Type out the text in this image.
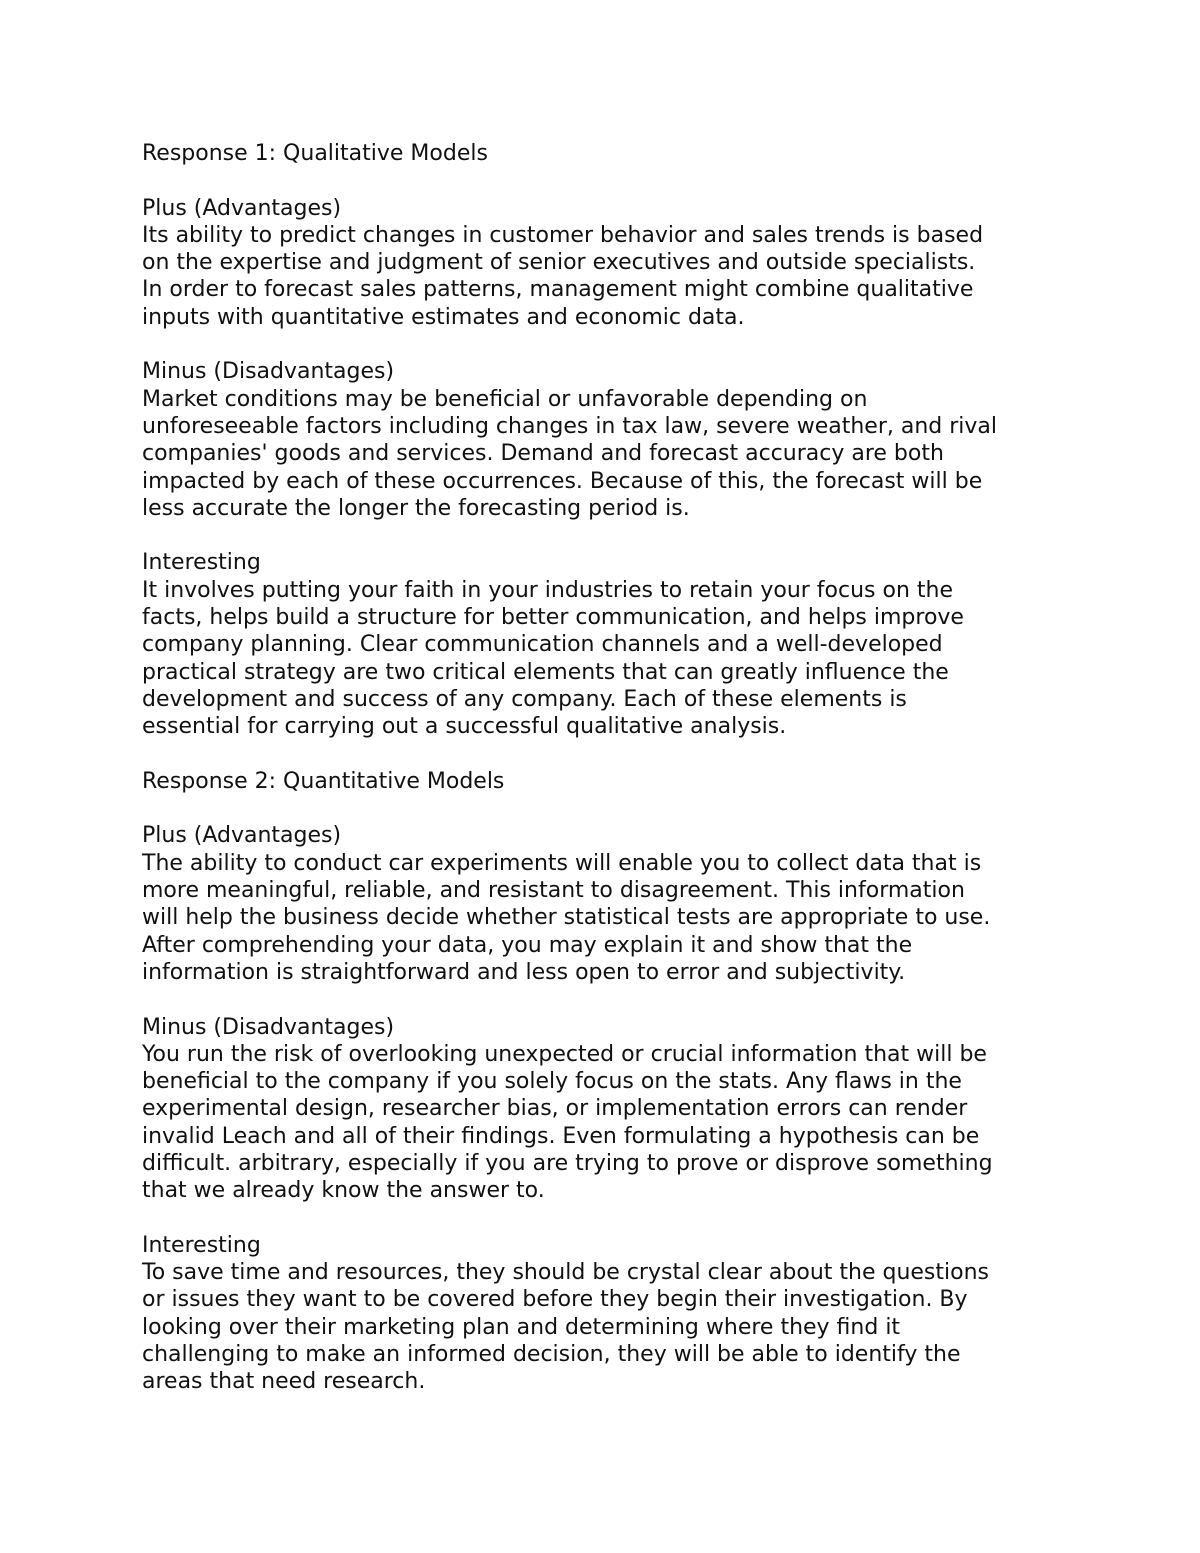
Response 1: Qualitative Models
Plus (Advantages)
Its ability to predict changes in customer behavior and sales trends is based
on the expertise and judgment of senior executives and outside specialists.
In order to forecast sales patterns, management might combine qualitative
inputs with quantitative estimates and economic data.
Minus (Disadvantages)
Market conditions may be beneficial or unfavorable depending on
unforeseeable factors including changes in tax law, severe weather, and rival
companies' goods and services. Demand and forecast accuracy are both
impacted by each of these occurrences. Because of this, the forecast will be
less accurate the longer the forecasting period is.
Interesting
It involves putting your faith in your industries to retain your focus on the
facts, helps build a structure for better communication, and helps improve
company planning. Clear communication channels and a well-developed
practical strategy are two critical elements that can greatly influence the
development and success of any company. Each of these elements is
essential for carrying out a successful qualitative analysis.
Response 2: Quantitative Models
Plus (Advantages)
The ability to conduct car experiments will enable you to collect data that is
more meaningful, reliable, and resistant to disagreement. This information
will help the business decide whether statistical tests are appropriate to use.
After comprehending your data, you may explain it and show that the
information is straightforward and less open to error and subjectivity.
Minus (Disadvantages)
You run the risk of overlooking unexpected or crucial information that will be
beneficial to the company if you solely focus on the stats. Any flaws in the
experimental design, researcher bias, or implementation errors can render
invalid Leach and all of their findings. Even formulating a hypothesis can be
difficult. arbitrary, especially if you are trying to prove or disprove something
that we already know the answer to.
Interesting
To save time and resources, they should be crystal clear about the questions
or issues they want to be covered before they begin their investigation. By
looking over their marketing plan and determining where they find it
challenging to make an informed decision, they will be able to identify the
areas that need research.
